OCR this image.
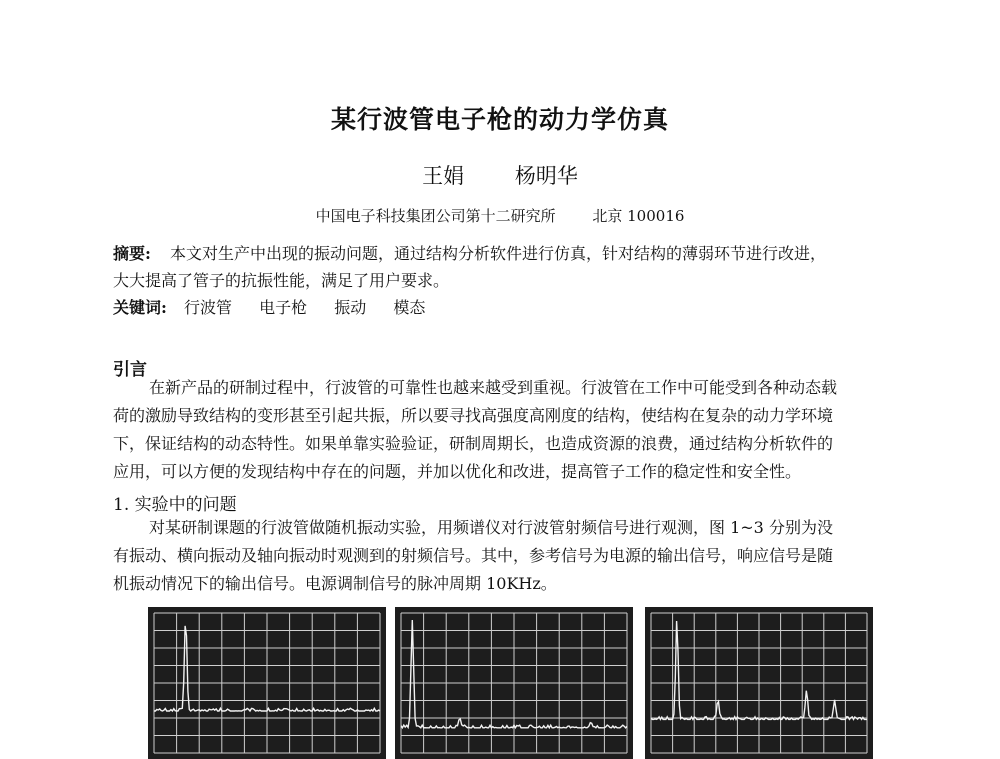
某行波管电子枪的动力学仿真
王娟 杨明华
中国电子科技集团公司第十二研究所 北京 100016
摘要: 本文对生产中出现的振动问题，通过结构分析软件进行仿真，针对结构的薄弱环节进行改进，
大大提高了管子的抗振性能，满足了用户要求。
关键词: 行波管 电子枪 振动 模态
引言
在新产品的研制过程中，行波管的可靠性也越来越受到重视。行波管在工作中可能受到各种动态载
荷的激励导致结构的变形甚至引起共振，所以要寻找高强度高刚度的结构，使结构在复杂的动力学环境
下，保证结构的动态特性。如果单靠实验验证，研制周期长，也造成资源的浪费，通过结构分析软件的
应用，可以方便的发现结构中存在的问题，并加以优化和改进，提高管子工作的稳定性和安全性。
1. 实验中的问题
对某研制课题的行波管做随机振动实验，用频谱仪对行波管射频信号进行观测，图 1~3 分别为没
有振动、横向振动及轴向振动时观测到的射频信号。其中，参考信号为电源的输出信号，响应信号是随
机振动情况下的输出信号。电源调制信号的脉冲周期 10KHz。
